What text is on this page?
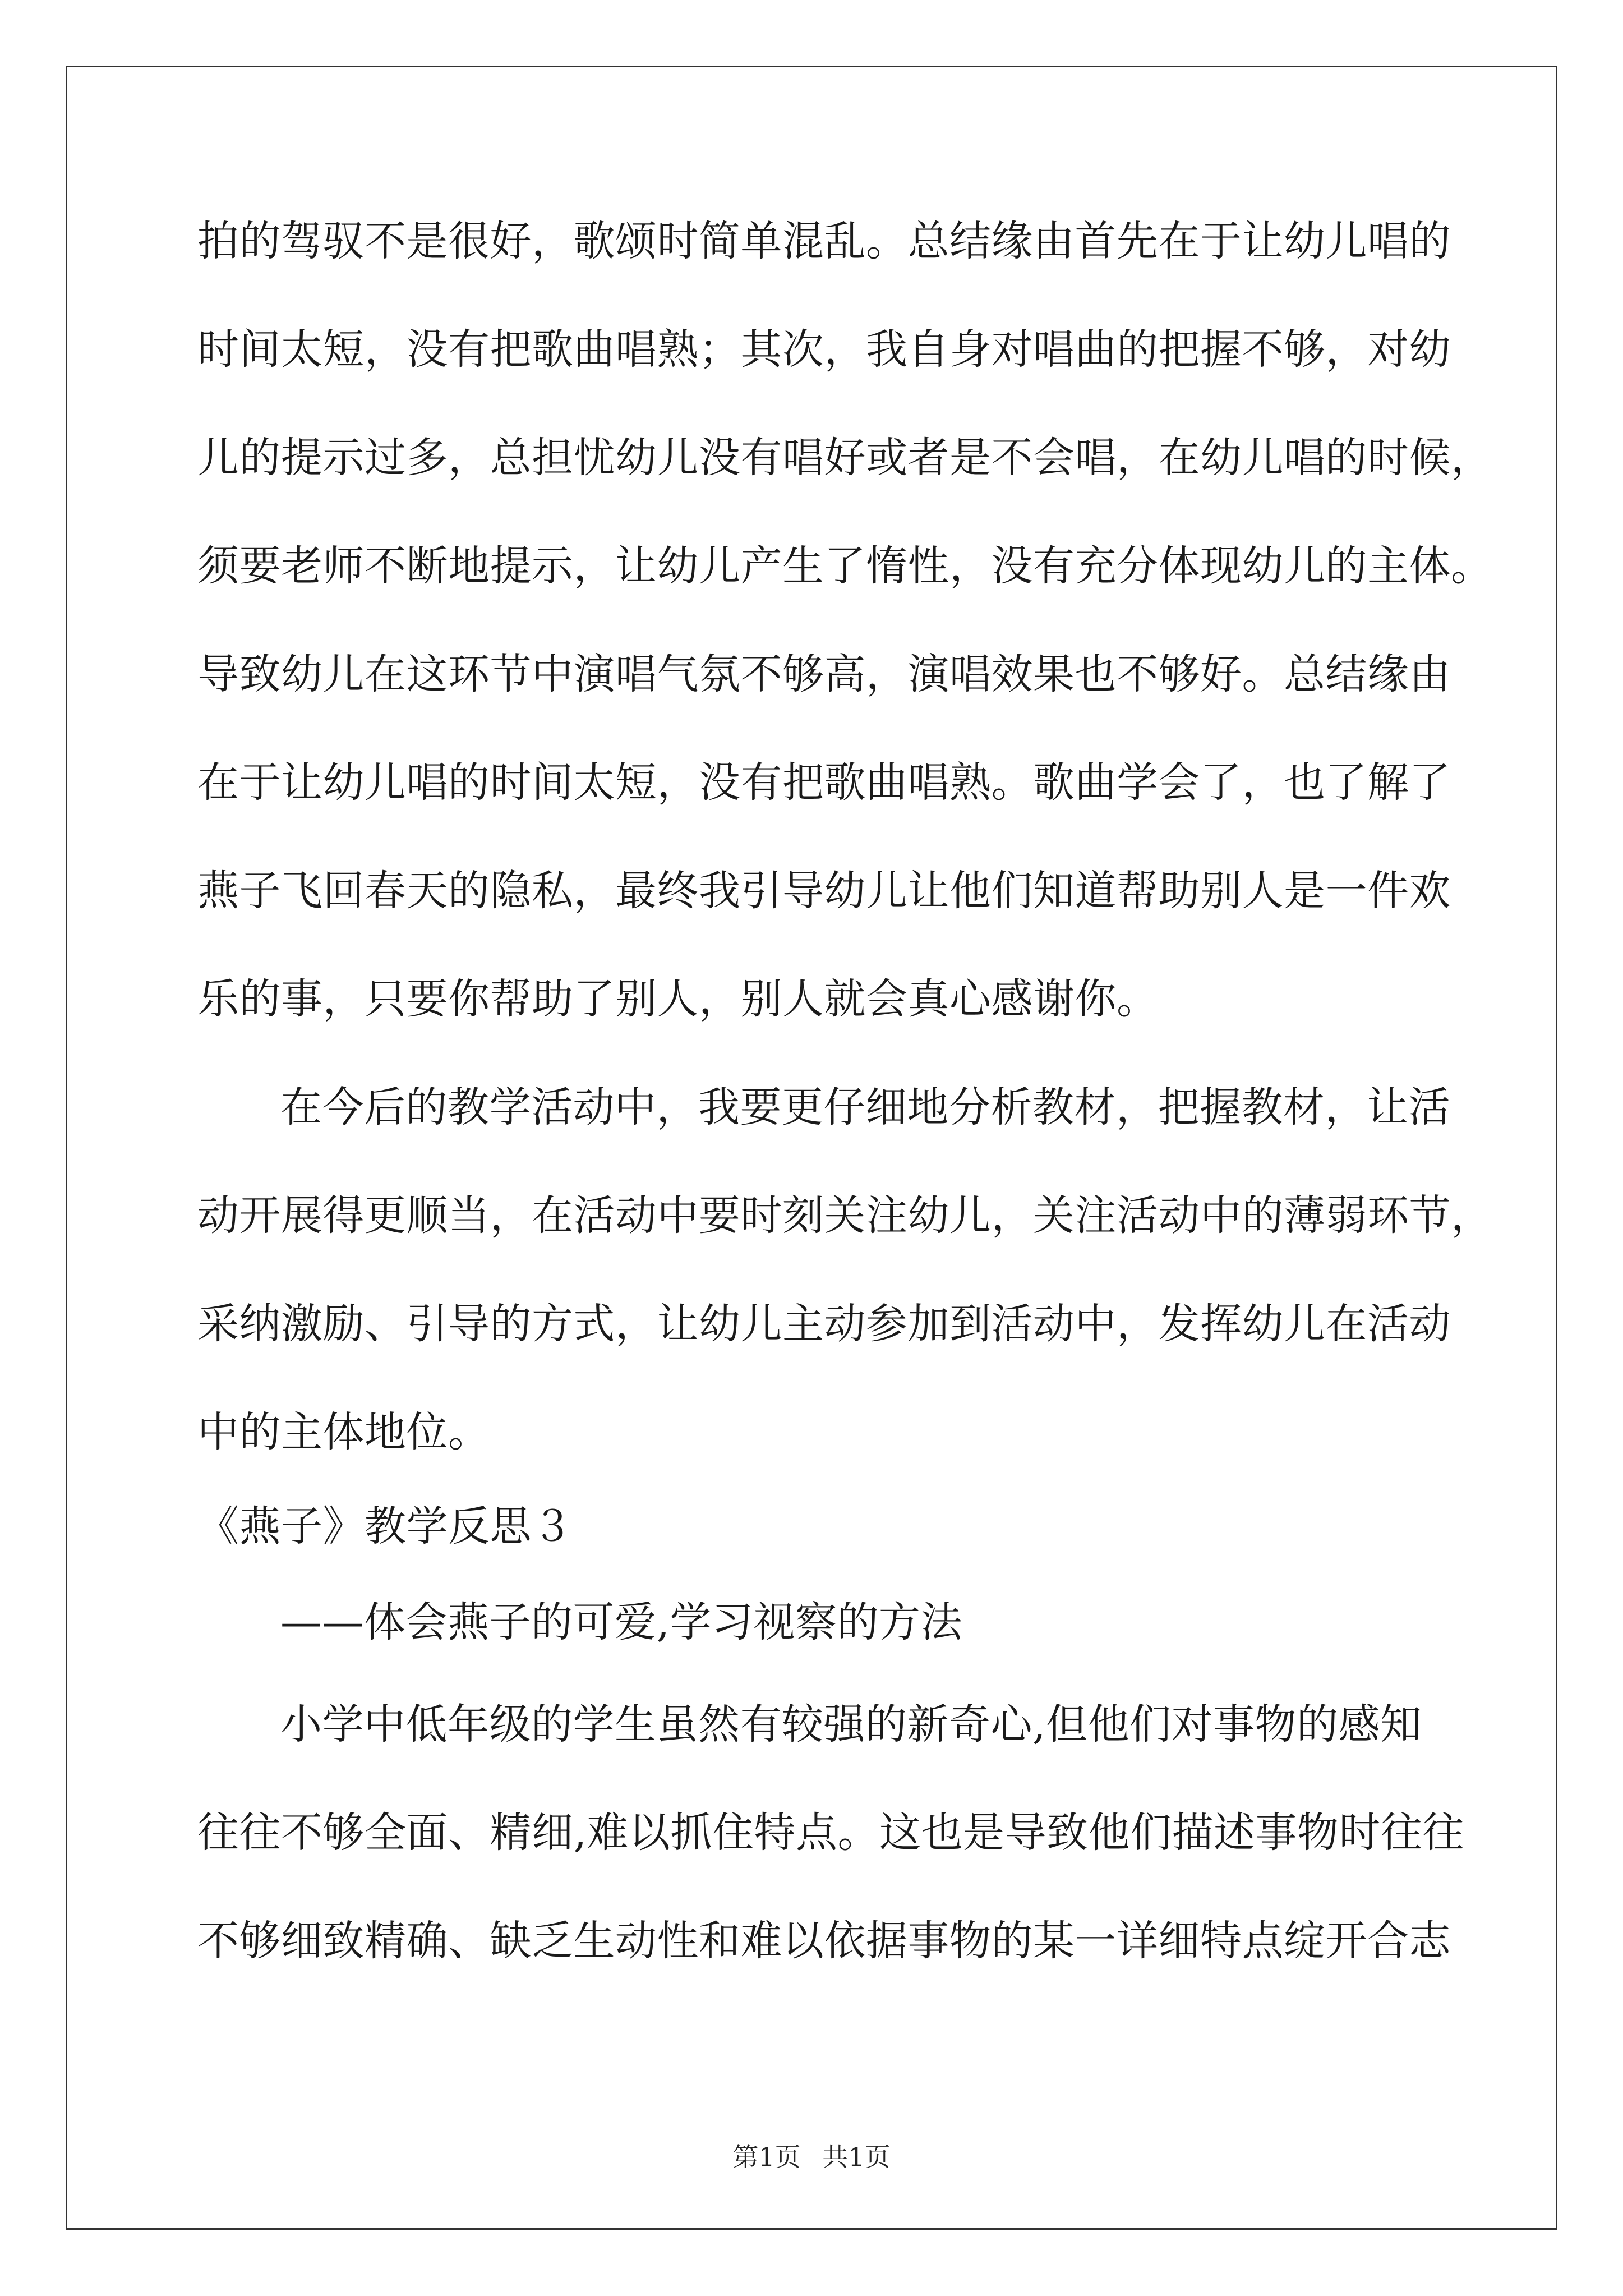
拍的驾驭不是很好，歌颂时简单混乱。总结缘由首先在于让幼儿唱的
时间太短，没有把歌曲唱熟；其次，我自身对唱曲的把握不够，对幼
儿的提示过多，总担忧幼儿没有唱好或者是不会唱，在幼儿唱的时候，
须要老师不断地提示，让幼儿产生了惰性，没有充分体现幼儿的主体。
导致幼儿在这环节中演唱气氛不够高，演唱效果也不够好。总结缘由
在于让幼儿唱的时间太短，没有把歌曲唱熟。歌曲学会了，也了解了
燕子飞回春天的隐私，最终我引导幼儿让他们知道帮助别人是一件欢
乐的事，只要你帮助了别人，别人就会真心感谢你。
在今后的教学活动中，我要更仔细地分析教材，把握教材，让活
动开展得更顺当，在活动中要时刻关注幼儿，关注活动中的薄弱环节，
采纳激励、引导的方式，让幼儿主动参加到活动中，发挥幼儿在活动
中的主体地位。
《燕子》教学反思３
——体会燕子的可爱,学习视察的方法
小学中低年级的学生虽然有较强的新奇心,但他们对事物的感知
往往不够全面、精细,难以抓住特点。这也是导致他们描述事物时往往
不够细致精确、缺乏生动性和难以依据事物的某一详细特点绽开合志
第1页 共1页
